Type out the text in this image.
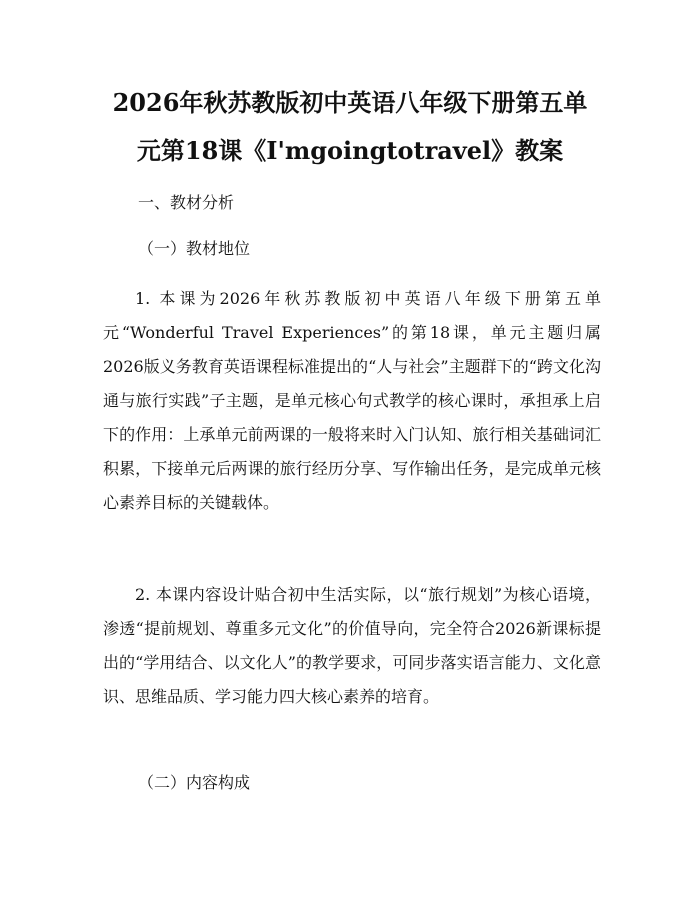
2026年秋苏教版初中英语八年级下册第五单
元第18课《I'mgoingtotravel》教案
一、教材分析
（一）教材地位
1. 本课为2026年秋苏教版初中英语八年级下册第五单元“Wonderful Travel Experiences”的第18课，单元主题归属2026版义务教育英语课程标准提出的“人与社会”主题群下的“跨文化沟通与旅行实践”子主题，是单元核心句式教学的核心课时，承担承上启下的作用：上承单元前两课的一般将来时入门认知、旅行相关基础词汇积累，下接单元后两课的旅行经历分享、写作输出任务，是完成单元核心素养目标的关键载体。
2. 本课内容设计贴合初中生活实际，以“旅行规划”为核心语境，渗透“提前规划、尊重多元文化”的价值导向，完全符合2026新课标提出的“学用结合、以文化人”的教学要求，可同步落实语言能力、文化意识、思维品质、学习能力四大核心素养的培育。
（二）内容构成
